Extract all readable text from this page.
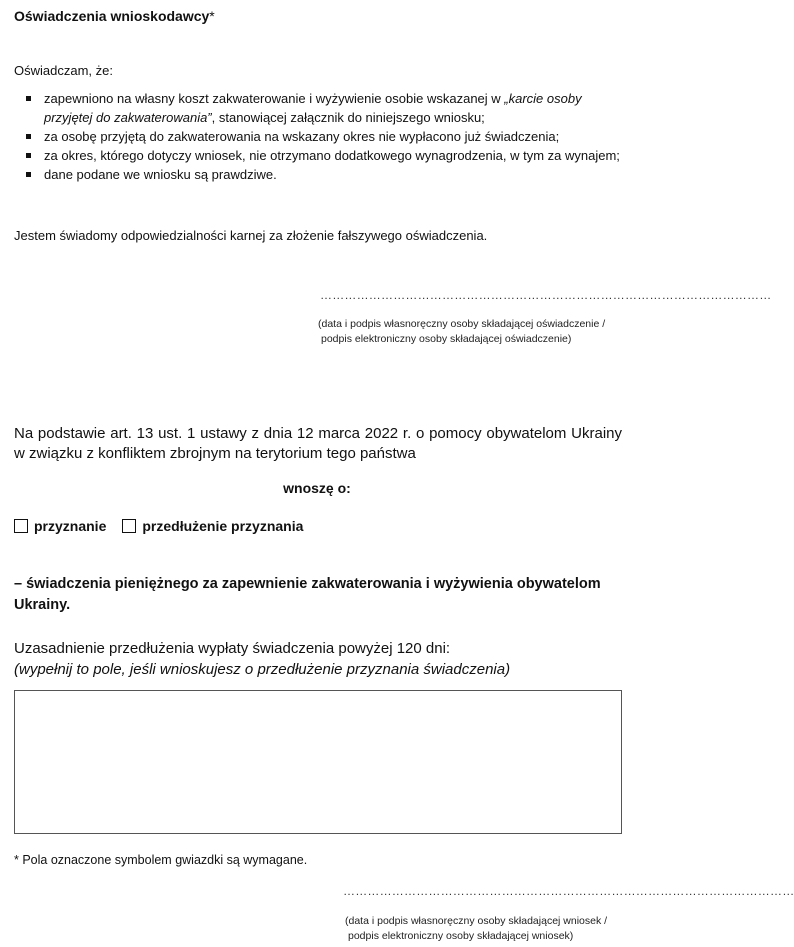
Oświadczenia wnioskodawcy*
Oświadczam, że:
zapewniono na własny koszt zakwaterowanie i wyżywienie osobie wskazanej w „karcie osoby przyjętej do zakwaterowania”, stanowiącej załącznik do niniejszego wniosku;
za osobę przyjętą do zakwaterowania na wskazany okres nie wypłacono już świadczenia;
za okres, którego dotyczy wniosek, nie otrzymano dodatkowego wynagrodzenia, w tym za wynajem;
dane podane we wniosku są prawdziwe.
Jestem świadomy odpowiedzialności karnej za złożenie fałszywego oświadczenia.
…………………………………………………………………………………………………
(data i podpis własnoręczny osoby składającej oświadczenie /
podpis elektroniczny osoby składającej oświadczenie)
Na podstawie art. 13 ust. 1 ustawy z dnia 12 marca 2022 r. o pomocy obywatelom Ukrainy w związku z konfliktem zbrojnym na terytorium tego państwa
wnoszę o:
przyznanie	przedłużenie przyznania
– świadczenia pieniężnego za zapewnienie zakwaterowania i wyżywienia obywatelom Ukrainy.
Uzasadnienie przedłużenia wypłaty świadczenia powyżej 120 dni:
(wypełnij to pole, jeśli wnioskujesz o przedłużenie przyznania świadczenia)
* Pola oznaczone symbolem gwiazdki są wymagane.
…………………………………………………………………………………………………
(data i podpis własnoręczny osoby składającej wniosek /
podpis elektroniczny osoby składającej wniosek)
